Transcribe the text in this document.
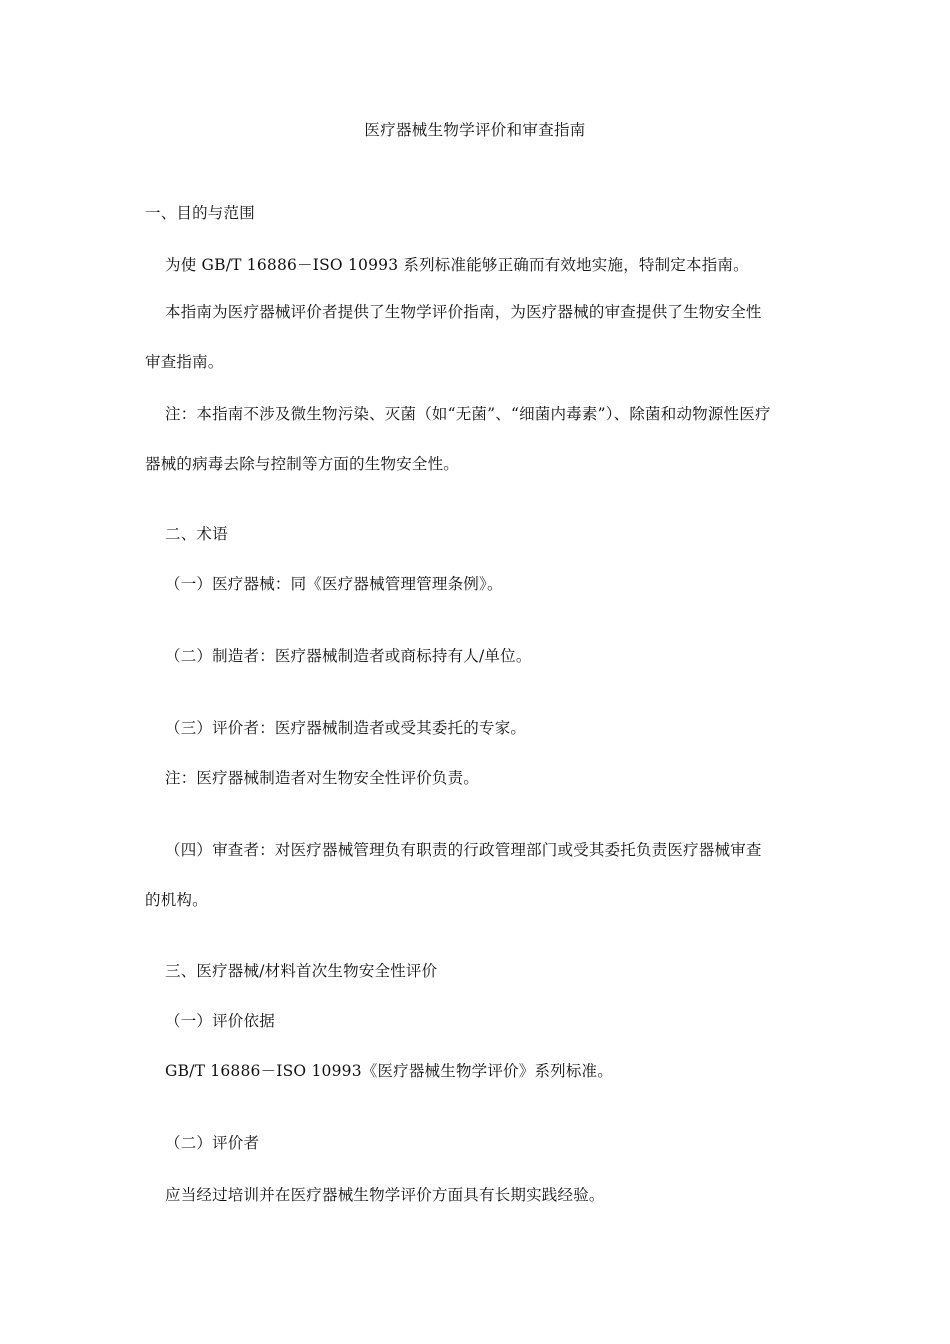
医疗器械生物学评价和审查指南
一、目的与范围
为使 GB/T 16886－ISO 10993 系列标准能够正确而有效地实施，特制定本指南。
本指南为医疗器械评价者提供了生物学评价指南，为医疗器械的审查提供了生物安全性
审查指南。
注：本指南不涉及微生物污染、灭菌（如“无菌”、“细菌内毒素”）、除菌和动物源性医疗
器械的病毒去除与控制等方面的生物安全性。
二、术语
（一）医疗器械：同《医疗器械管理管理条例》。
（二）制造者：医疗器械制造者或商标持有人/单位。
（三）评价者：医疗器械制造者或受其委托的专家。
注：医疗器械制造者对生物安全性评价负责。
（四）审查者：对医疗器械管理负有职责的行政管理部门或受其委托负责医疗器械审查
的机构。
三、医疗器械/材料首次生物安全性评价
（一）评价依据
GB/T 16886－ISO 10993《医疗器械生物学评价》系列标准。
（二）评价者
应当经过培训并在医疗器械生物学评价方面具有长期实践经验。
